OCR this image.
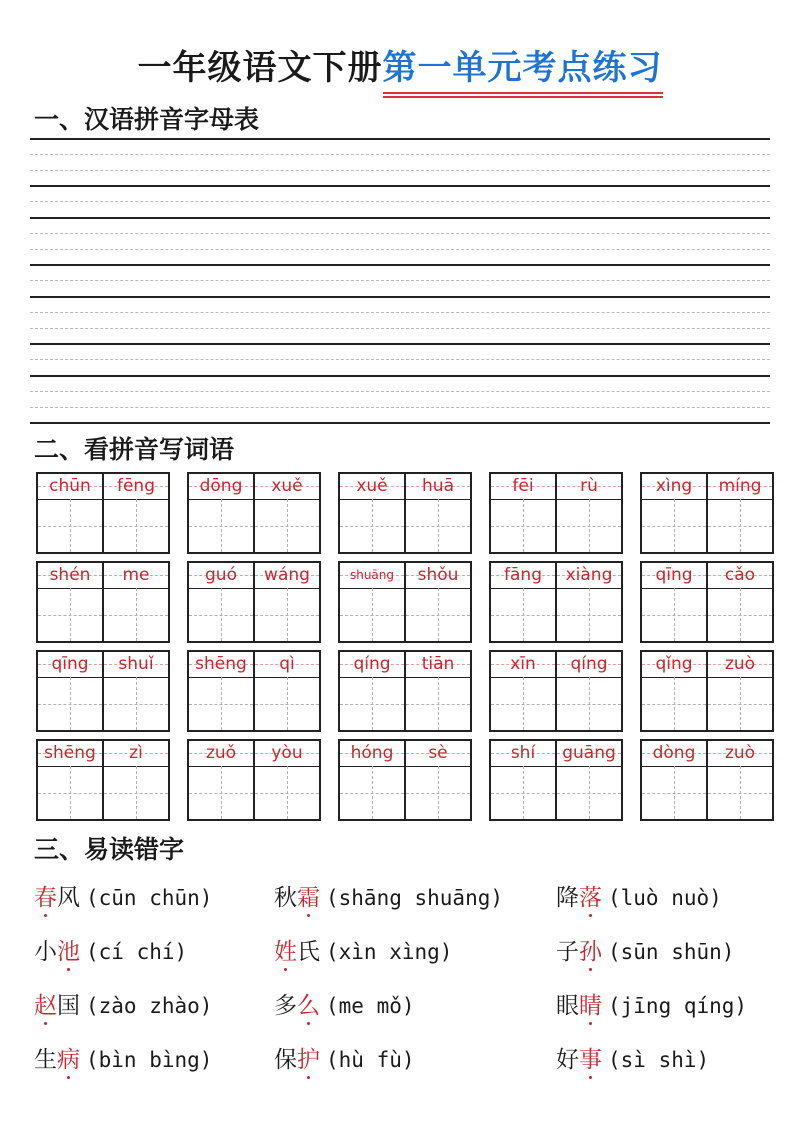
一年级语文下册第一单元考点练习
一、汉语拼音字母表
二、看拼音写词语
chūn	fēng	dōng	xuě	xuě	huā	fēi	rù	xìng	míng
shén	me	guó	wáng	shuāng	shǒu	fāng	xiàng	qīng	cǎo
qīng	shuǐ	shēng	qì	qíng	tiān	xīn	qíng	qǐng	zuò
shēng	zì	zuǒ	yòu	hóng	sè	shí	guāng	dòng	zuò
三、易读错字
春风 (cūn chūn)	秋霜 (shāng shuāng)	降落 (luò nuò)
小池 (cí chí)	姓氏 (xìn xìng)	子孙 (sūn shūn)
赵国 (zào zhào)	多么 (me mǒ)	眼睛 (jīng qíng)
生病 (bìn bìng)	保护 (hù fù)	好事 (sì shì)
